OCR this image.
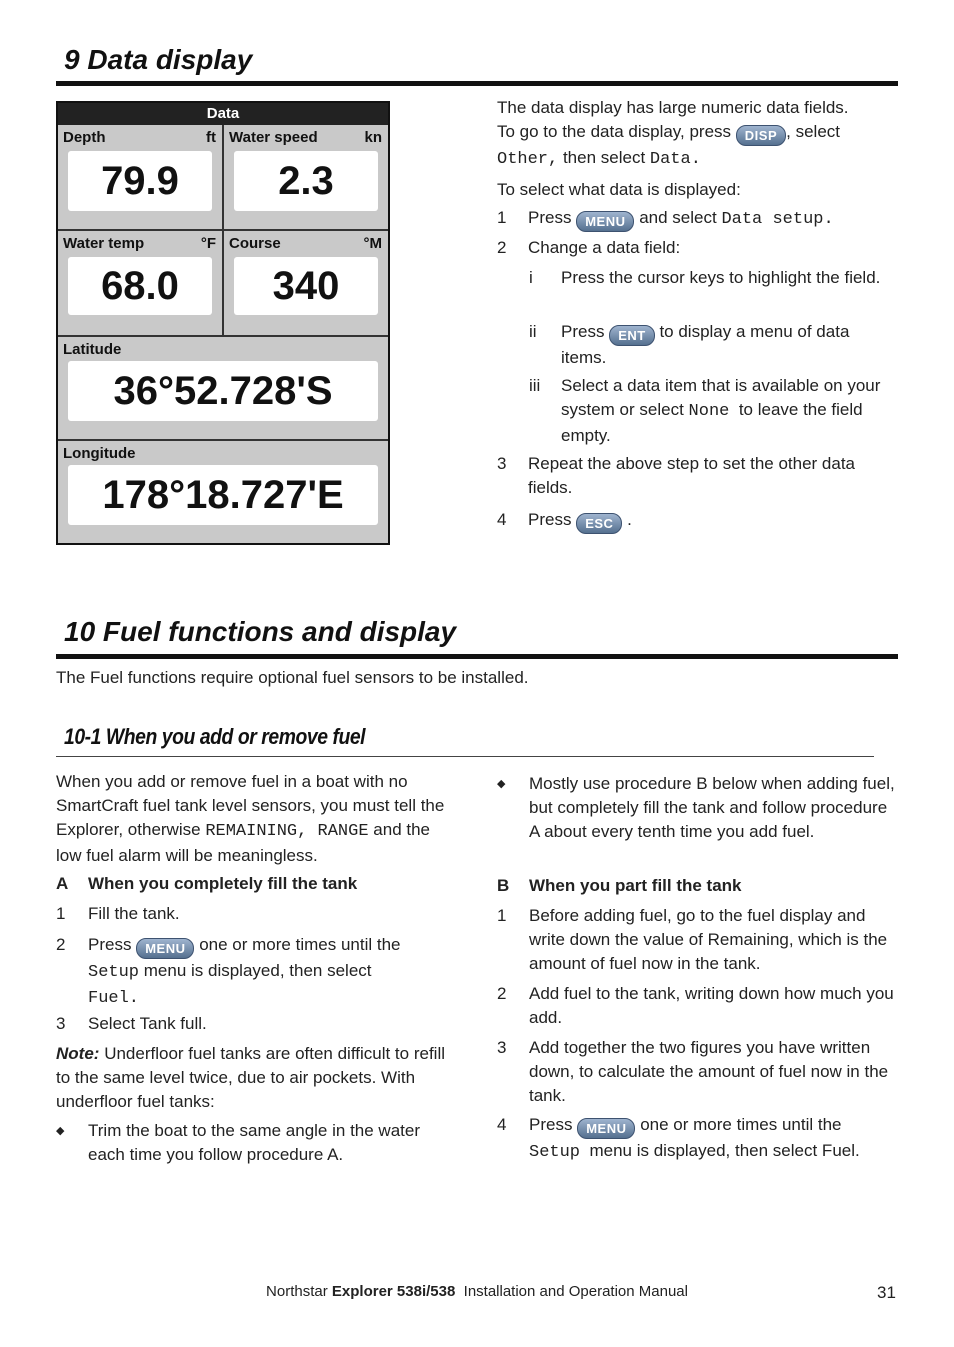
9 Data display
Data
Depth	ft
79.9
Water speed	kn
2.3
Water temp	°F
68.0
Course	°M
340
Latitude
36°52.728'S
Longitude
178°18.727'E
The data display has large numeric data fields.
To go to the data display, press DISP , select
Other, then select Data.
To select what data is displayed:
1 Press MENU and select Data setup.
2 Change a data field:
i Press the cursor keys to highlight the field.
ii Press ENT to display a menu of data items.
iii Select a data item that is available on your system or select None to leave the field empty.
3 Repeat the above step to set the other data fields.
4 Press ESC .
10 Fuel functions and display
The Fuel functions require optional fuel sensors to be installed.
10-1 When you add or remove fuel
When you add or remove fuel in a boat with no SmartCraft fuel tank level sensors, you must tell the Explorer, otherwise REMAINING, RANGE and the low fuel alarm will be meaningless.
A When you completely fill the tank
1 Fill the tank.
2 Press MENU one or more times until the
Setup menu is displayed, then select
Fuel.
3 Select Tank full.
Note: Underfloor fuel tanks are often difficult to refill to the same level twice, due to air pockets. With underfloor fuel tanks:
◆ Trim the boat to the same angle in the water each time you follow procedure A.
◆ Mostly use procedure B below when adding fuel, but completely fill the tank and follow procedure A about every tenth time you add fuel.
B When you part fill the tank
1 Before adding fuel, go to the fuel display and write down the value of Remaining, which is the amount of fuel now in the tank.
2 Add fuel to the tank, writing down how much you add.
3 Add together the two figures you have written down, to calculate the amount of fuel now in the tank.
4 Press MENU one or more times until the
Setup menu is displayed, then select Fuel.
Northstar Explorer 538i/538 Installation and Operation Manual	31
